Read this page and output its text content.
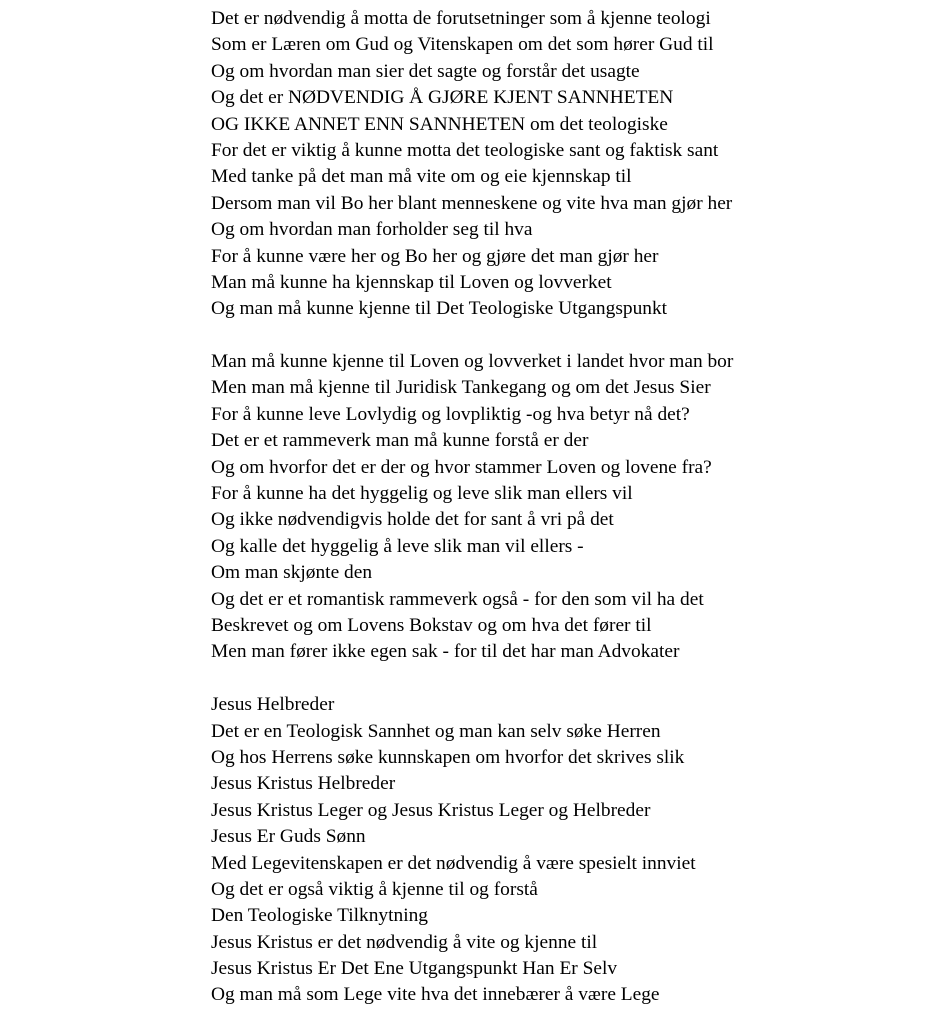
Det er nødvendig å motta de forutsetninger som å kjenne teologi
Som er Læren om Gud og Vitenskapen om det som hører Gud til
Og om hvordan man sier det sagte og forstår det usagte
Og det er NØDVENDIG Å GJØRE KJENT SANNHETEN
OG IKKE ANNET ENN SANNHETEN om det teologiske
For det er viktig å kunne motta det teologiske sant og faktisk sant
Med tanke på det man må vite om og eie kjennskap til
Dersom man vil Bo her blant menneskene og vite hva man gjør her
Og om hvordan man forholder seg til hva
For å kunne være her og Bo her og gjøre det man gjør her
Man må kunne ha kjennskap til Loven og lovverket
Og man må kunne kjenne til Det Teologiske Utgangspunkt
Man må kunne kjenne til Loven og lovverket i landet hvor man bor
Men man må kjenne til Juridisk Tankegang og om det Jesus Sier
For å kunne leve Lovlydig og lovpliktig -og hva betyr nå det?
Det er et rammeverk man må kunne forstå er der
Og om hvorfor det er der og hvor stammer Loven og lovene fra?
For å kunne ha det hyggelig og leve slik man ellers vil
Og ikke nødvendigvis holde det for sant å vri på det
Og kalle det hyggelig å leve slik man vil ellers -
Om man skjønte den
Og det er et romantisk rammeverk også - for den som vil ha det
Beskrevet og om Lovens Bokstav og om hva det fører til
Men man fører ikke egen sak - for til det har man Advokater
Jesus Helbreder
Det er en Teologisk Sannhet og man kan selv søke Herren
Og hos Herrens søke kunnskapen om hvorfor det skrives slik
Jesus Kristus Helbreder
Jesus Kristus Leger og Jesus Kristus Leger og Helbreder
Jesus Er Guds Sønn
Med Legevitenskapen er det nødvendig å være spesielt innviet
Og det er også viktig å kjenne til og forstå
Den Teologiske Tilknytning
Jesus Kristus er det nødvendig å vite og kjenne til
Jesus Kristus Er Det Ene Utgangspunkt Han Er Selv
Og man må som Lege vite hva det innebærer å være Lege
